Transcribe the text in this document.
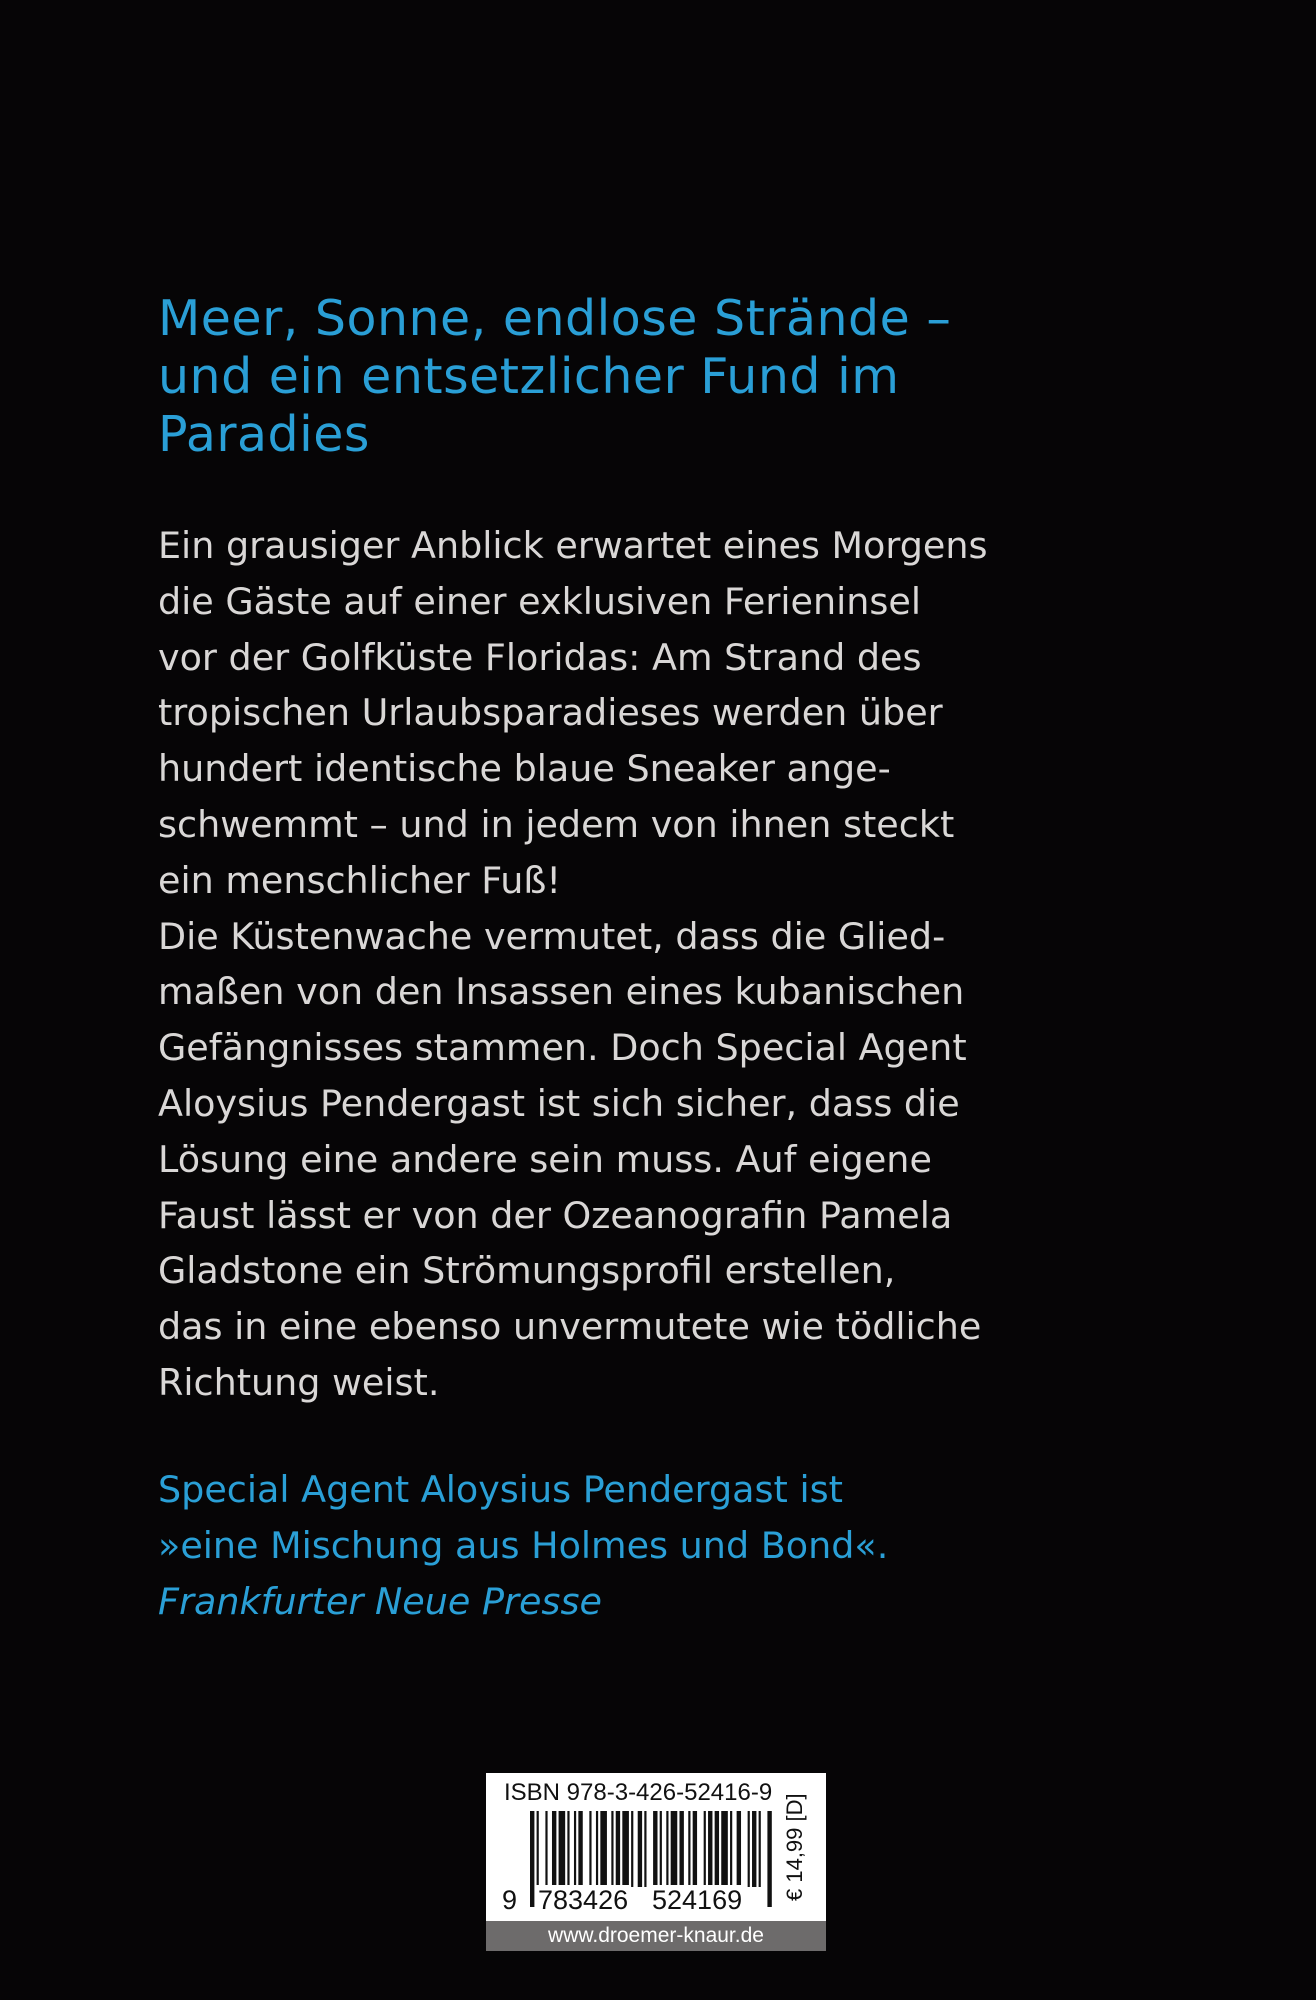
Meer, Sonne, endlose Strände –
und ein entsetzlicher Fund im
Paradies
Ein grausiger Anblick erwartet eines Morgens
die Gäste auf einer exklusiven Ferieninsel
vor der Golfküste Floridas: Am Strand des
tropischen Urlaubsparadieses werden über
hundert identische blaue Sneaker ange-
schwemmt – und in jedem von ihnen steckt
ein menschlicher Fuß!
Die Küstenwache vermutet, dass die Glied-
maßen von den Insassen eines kubanischen
Gefängnisses stammen. Doch Special Agent
Aloysius Pendergast ist sich sicher, dass die
Lösung eine andere sein muss. Auf eigene
Faust lässt er von der Ozeanografin Pamela
Gladstone ein Strömungsprofil erstellen,
das in eine ebenso unvermutete wie tödliche
Richtung weist.
Special Agent Aloysius Pendergast ist
»eine Mischung aus Holmes und Bond«.
Frankfurter Neue Presse
ISBN 978-3-426-52416-9
9 783426 524169 € 14,99 [D]
www.droemer-knaur.de
